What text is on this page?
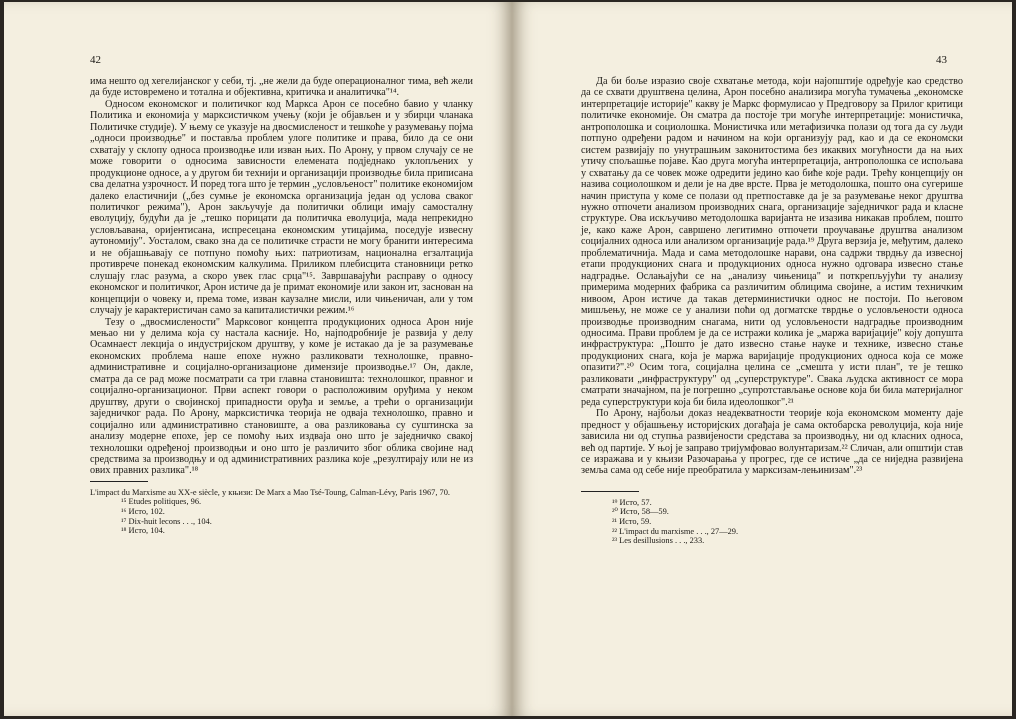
42

има нешто од хегелијанског у себи, тј. „не жели да буде операционалног тима, већ жели да буде истовремено и тотална и објективна, критичка и аналитичка"¹⁴.

Односом економског и политичког код Маркса Арон се посебно бавио у чланку Политика и економија у марксистичком учењу (који је објављен и у збирци чланака Политичке студије). У њему се указује на двосмисленост и тешкоће у разумевању појма „односи производње" и поставља проблем улоге политике и права, било да се они схватају у склопу односа производње или изван њих. По Арону, у првом случају се не може говорити о односима зависности елемената подједнако уклопљених у продукционе односе, а у другом би технији и организацији производње била приписана сва делатна узрочност. И поред тога што је термин „условљеност" политике економијом далеко еластичнији („без сумње је економска организација један од услова сваког политичког режима"), Арон закључује да политички облици имају самосталну еволуцију, будући да је „тешко порицати да политичка еволуција, мада непрекидно условљавана, оријентисана, испресецана економским утицајима, поседује извесну аутономију". Уосталом, свако зна да се политичке страсти не могу бранити интересима и не објашњавају се потпуно помоћу њих: патриотизам, национална егзалтација противрече понекад економским калкулима. Приликом плебисцита становници ретко слушају глас разума, а скоро увек глас срца"¹⁵. Завршавајући расправу о односу економског и политичког, Арон истиче да је примат економије или закон ит, заснован на концепцији о човеку и, према томе, изван каузалне мисли, или чињеничан, али у том случају је карактеристичан само за капиталистички режим.¹⁶

Тезу о „двосмислености" Марксовог концепта продукционих односа Арон није мењао ни у делима која су настала касније. Но, најподробније је развија у делу Осамнаест лекција о индустријском друштву, у коме је истакао да је за разумевање економских проблема наше епохе нужно разликовати технолошке, правно-административне и социјално-организационе димензије производње.¹⁷ Он, дакле, смaтра да се рад може посматрати са три главна становишта: технолошког, правног и социјално-организационог. Први аспект говори о расположивим оруђима у неком друштву, други о својинској припадности оруђа и земље, а трећи о организацији заједничког рада. По Арону, марксистичка теорија не одваја технолошко, правно и социјално или административно становиште, а ова разликовања су суштинска за анализу модерне епохе, јер се помоћу њих издваја оно што је заједничко свакој технолошки одређеној производњи и оно што је различито због облика својине над средствима за производњу и од административних разлика које „резултирају или не из ових правних разлика".¹⁸

L'impact du Marxisme au XX-e siècle, у књизи: De Marx a Mao Tsé-Toung, Calman-Lévy, Paris 1967, 70.

¹⁵ Etudes politiques, 96.

¹⁶ Исто, 102.

¹⁷ Dix-huit lecons . . ., 104.

¹⁸ Исто, 104.

43

Да би боље изразио своје схватање метода, који најопштије одређује као средство да се схвати друштвена целина, Арон посебно анализира могућа тумачења „економске интерпретације историје" какву је Маркс формулисао у Предговору за Прилог критици политичке економије. Он смaтра да постоје три могуће интерпретације: монистичка, антрополошка и социолошка. Монистичка или метафизичка полази од тога да су људи потпуно одређени радом и начином на који организују рад, као и да се економски систем развијају по унутрашњим законитостима без икаквих могућности да на њих утичу спољашње појаве. Као друга могућа интерпретација, антрополошка се испољава у схватању да се човек може одредити једино као биће које ради. Трећу концепцију он назива социолошком и дели је на две врсте. Прва је методолошка, пошто она сугерише начин приступа у коме се полази од претпоставке да је за разумевање неког друштва нужно отпочети анализом производних снага, организације заједничког рада и класне структуре. Ова искључиво методолошка варијанта не изазива никакав проблем, пошто је, како каже Арон, савршено легитимно отпочети проучавање друштва анализом социјалних односа или анализом организације рада.¹⁹ Друга верзија је, међутим, далеко проблематичнија. Мада и сама методолошке нарави, она садржи тврдњу да извесној етапи продукционих снага и продукционих односа нужно одговара извесно стање надградње. Ослањајући се на „анализу чињеница" и поткрепљујући ту анализу примерима модерних фабрика са различитим облицима својине, а истим техничким нивоом, Арон истиче да такав детерминистички однос не постоји. По његовом мишљењу, не може се у анализи поћи од догматске тврдње о условљености односа производње производним снагама, нити од условљености надградње производним односима. Прави проблем је да се истражи колика је „маржа варијације" коју допушта инфраструктура: „Пошто је дато извесно стање науке и технике, извесно стање продукционих снага, која је маржа варијације продукционих односа која се може опазити?".²⁰ Осим тога, социјална целина се „смешта у исти план", те је тешко разликовати „инфраструктуру" од „суперструктуре". Свака људска активност се мора сматрати значајном, па је погрешно „супротстављање основе која би била материјалног реда суперструктури која би била идеолошког".²¹

По Арону, најбољи доказ неадекватности теорије која економском моменту даје предност у објашњењу историјских догађаја је сама октобарска револуција, која није зависила ни од ступња развијености средстава за производњу, ни од класних односа, већ од партије. У њој је заправо тријумфовао волунтаризам.²² Сличан, али општији став се изражава и у књизи Разочарања у прогрес, где се истиче „да се ниједна развијена земља сама од себе није преобратила у марксизам-лењинизам".²³

¹⁹ Исто, 57.

²⁰ Исто, 58—59.

²¹ Исто, 59.

²² L'impact du marxisme . . ., 27—29.

²³ Les desillusions . . ., 233.
